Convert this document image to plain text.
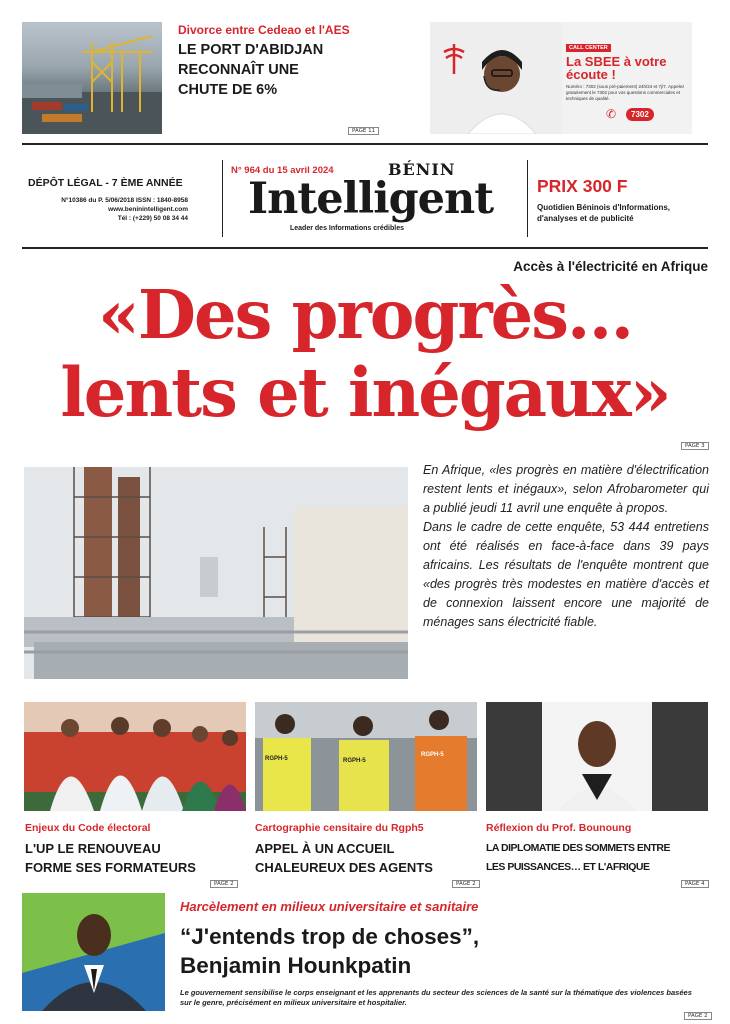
Divorce entre Cedeao et l'AES
LE PORT D'ABIDJAN
RECONNAÎT UNE
CHUTE DE 6%
PAGE 11
CALL CENTER
La SBEE à votre
écoute !
Numéro : 7302 (sous pré-paiement) 24h/24 et 7j/7. Appelez gratuitement le 7302 pour vos questions commerciales et techniques de qualité.
✆	7302
DÉPÔT LÉGAL - 7 ÈME ANNÉE
N°10386 du P. 5/06/2018 ISSN : 1840-8958
www.beninintelligent.com
Tél : (+229) 50 08 34 44
N° 964 du 15 avril 2024	BÉNIN
Intelligent
Leader des Informations crédibles
PRIX 300 F
Quotidien Béninois d'Informations,
d'analyses et de publicité
Accès à l'électricité en Afrique
«Des progrès…
lents et inégaux»
PAGE 3

En Afrique, «les progrès en matière d'électrification restent lents et inégaux», selon Afrobarometer qui a publié jeudi 11 avril une enquête à propos.

Dans le cadre de cette enquête, 53 444 entretiens ont été réalisés en face-à-face dans 39 pays africains. Les résultats de l'enquête montrent que «des progrès très modestes en matière d'accès et de connexion laissent encore une majorité de ménages sans électricité fiable.

RGPH-5	RGPH-5
RGPH-5
Enjeux du Code électoral
L'UP LE RENOUVEAU
FORME SES FORMATEURS
PAGE 2
Cartographie censitaire du Rgph5
APPEL À UN ACCUEIL
CHALEUREUX DES AGENTS
PAGE 2
Réflexion du Prof. Bounoung
LA DIPLOMATIE DES SOMMETS ENTRE
LES PUISSANCES… ET L'AFRIQUE
PAGE 4
Harcèlement en milieux universitaire et sanitaire
“J'entends trop de choses”,
Benjamin Hounkpatin
Le gouvernement sensibilise le corps enseignant et les apprenants du secteur des sciences de la santé sur la thématique des violences basées sur le genre, précisément en milieux universitaire et hospitalier.
PAGE 2
